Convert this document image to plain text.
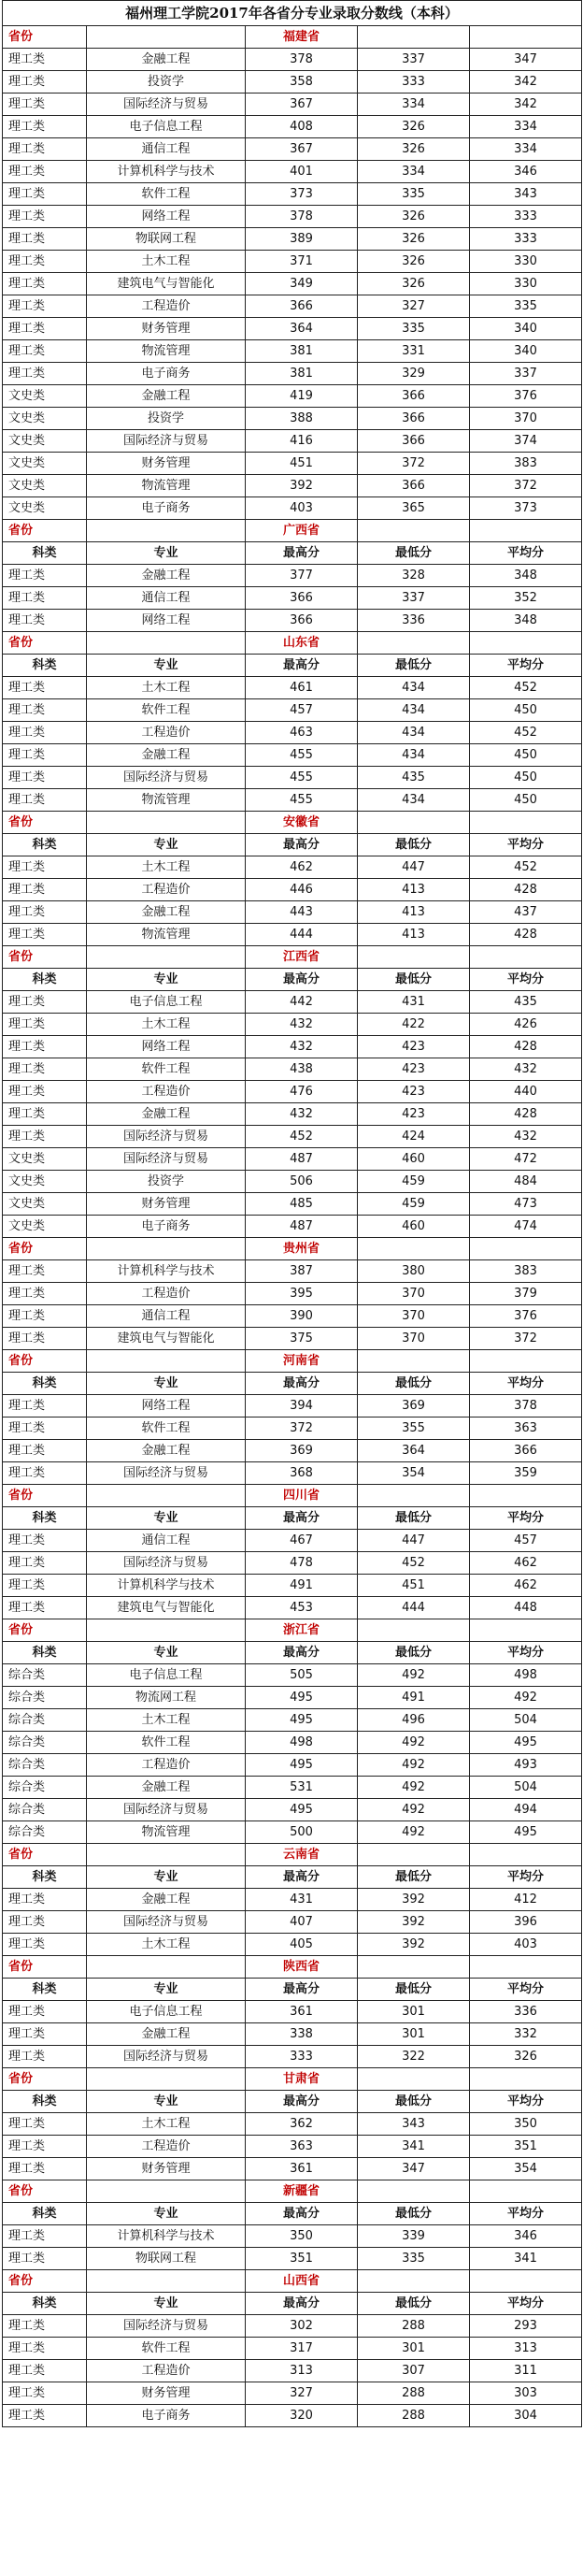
福州理工学院2017年各省分专业录取分数线（本科）				
省份		福建省		
理工类	金融工程	378	337	347
理工类	投资学	358	333	342
理工类	国际经济与贸易	367	334	342
理工类	电子信息工程	408	326	334
理工类	通信工程	367	326	334
理工类	计算机科学与技术	401	334	346
理工类	软件工程	373	335	343
理工类	网络工程	378	326	333
理工类	物联网工程	389	326	333
理工类	土木工程	371	326	330
理工类	建筑电气与智能化	349	326	330
理工类	工程造价	366	327	335
理工类	财务管理	364	335	340
理工类	物流管理	381	331	340
理工类	电子商务	381	329	337
文史类	金融工程	419	366	376
文史类	投资学	388	366	370
文史类	国际经济与贸易	416	366	374
文史类	财务管理	451	372	383
文史类	物流管理	392	366	372
文史类	电子商务	403	365	373
省份		广西省		
科类	专业	最高分	最低分	平均分
理工类	金融工程	377	328	348
理工类	通信工程	366	337	352
理工类	网络工程	366	336	348
省份		山东省		
科类	专业	最高分	最低分	平均分
理工类	土木工程	461	434	452
理工类	软件工程	457	434	450
理工类	工程造价	463	434	452
理工类	金融工程	455	434	450
理工类	国际经济与贸易	455	435	450
理工类	物流管理	455	434	450
省份		安徽省		
科类	专业	最高分	最低分	平均分
理工类	土木工程	462	447	452
理工类	工程造价	446	413	428
理工类	金融工程	443	413	437
理工类	物流管理	444	413	428
省份		江西省		
科类	专业	最高分	最低分	平均分
理工类	电子信息工程	442	431	435
理工类	土木工程	432	422	426
理工类	网络工程	432	423	428
理工类	软件工程	438	423	432
理工类	工程造价	476	423	440
理工类	金融工程	432	423	428
理工类	国际经济与贸易	452	424	432
文史类	国际经济与贸易	487	460	472
文史类	投资学	506	459	484
文史类	财务管理	485	459	473
文史类	电子商务	487	460	474
省份		贵州省		
理工类	计算机科学与技术	387	380	383
理工类	工程造价	395	370	379
理工类	通信工程	390	370	376
理工类	建筑电气与智能化	375	370	372
省份		河南省		
科类	专业	最高分	最低分	平均分
理工类	网络工程	394	369	378
理工类	软件工程	372	355	363
理工类	金融工程	369	364	366
理工类	国际经济与贸易	368	354	359
省份		四川省		
科类	专业	最高分	最低分	平均分
理工类	通信工程	467	447	457
理工类	国际经济与贸易	478	452	462
理工类	计算机科学与技术	491	451	462
理工类	建筑电气与智能化	453	444	448
省份		浙江省		
科类	专业	最高分	最低分	平均分
综合类	电子信息工程	505	492	498
综合类	物流网工程	495	491	492
综合类	土木工程	495	496	504
综合类	软件工程	498	492	495
综合类	工程造价	495	492	493
综合类	金融工程	531	492	504
综合类	国际经济与贸易	495	492	494
综合类	物流管理	500	492	495
省份		云南省		
科类	专业	最高分	最低分	平均分
理工类	金融工程	431	392	412
理工类	国际经济与贸易	407	392	396
理工类	土木工程	405	392	403
省份		陕西省		
科类	专业	最高分	最低分	平均分
理工类	电子信息工程	361	301	336
理工类	金融工程	338	301	332
理工类	国际经济与贸易	333	322	326
省份		甘肃省		
科类	专业	最高分	最低分	平均分
理工类	土木工程	362	343	350
理工类	工程造价	363	341	351
理工类	财务管理	361	347	354
省份		新疆省		
科类	专业	最高分	最低分	平均分
理工类	计算机科学与技术	350	339	346
理工类	物联网工程	351	335	341
省份		山西省		
科类	专业	最高分	最低分	平均分
理工类	国际经济与贸易	302	288	293
理工类	软件工程	317	301	313
理工类	工程造价	313	307	311
理工类	财务管理	327	288	303
理工类	电子商务	320	288	304
